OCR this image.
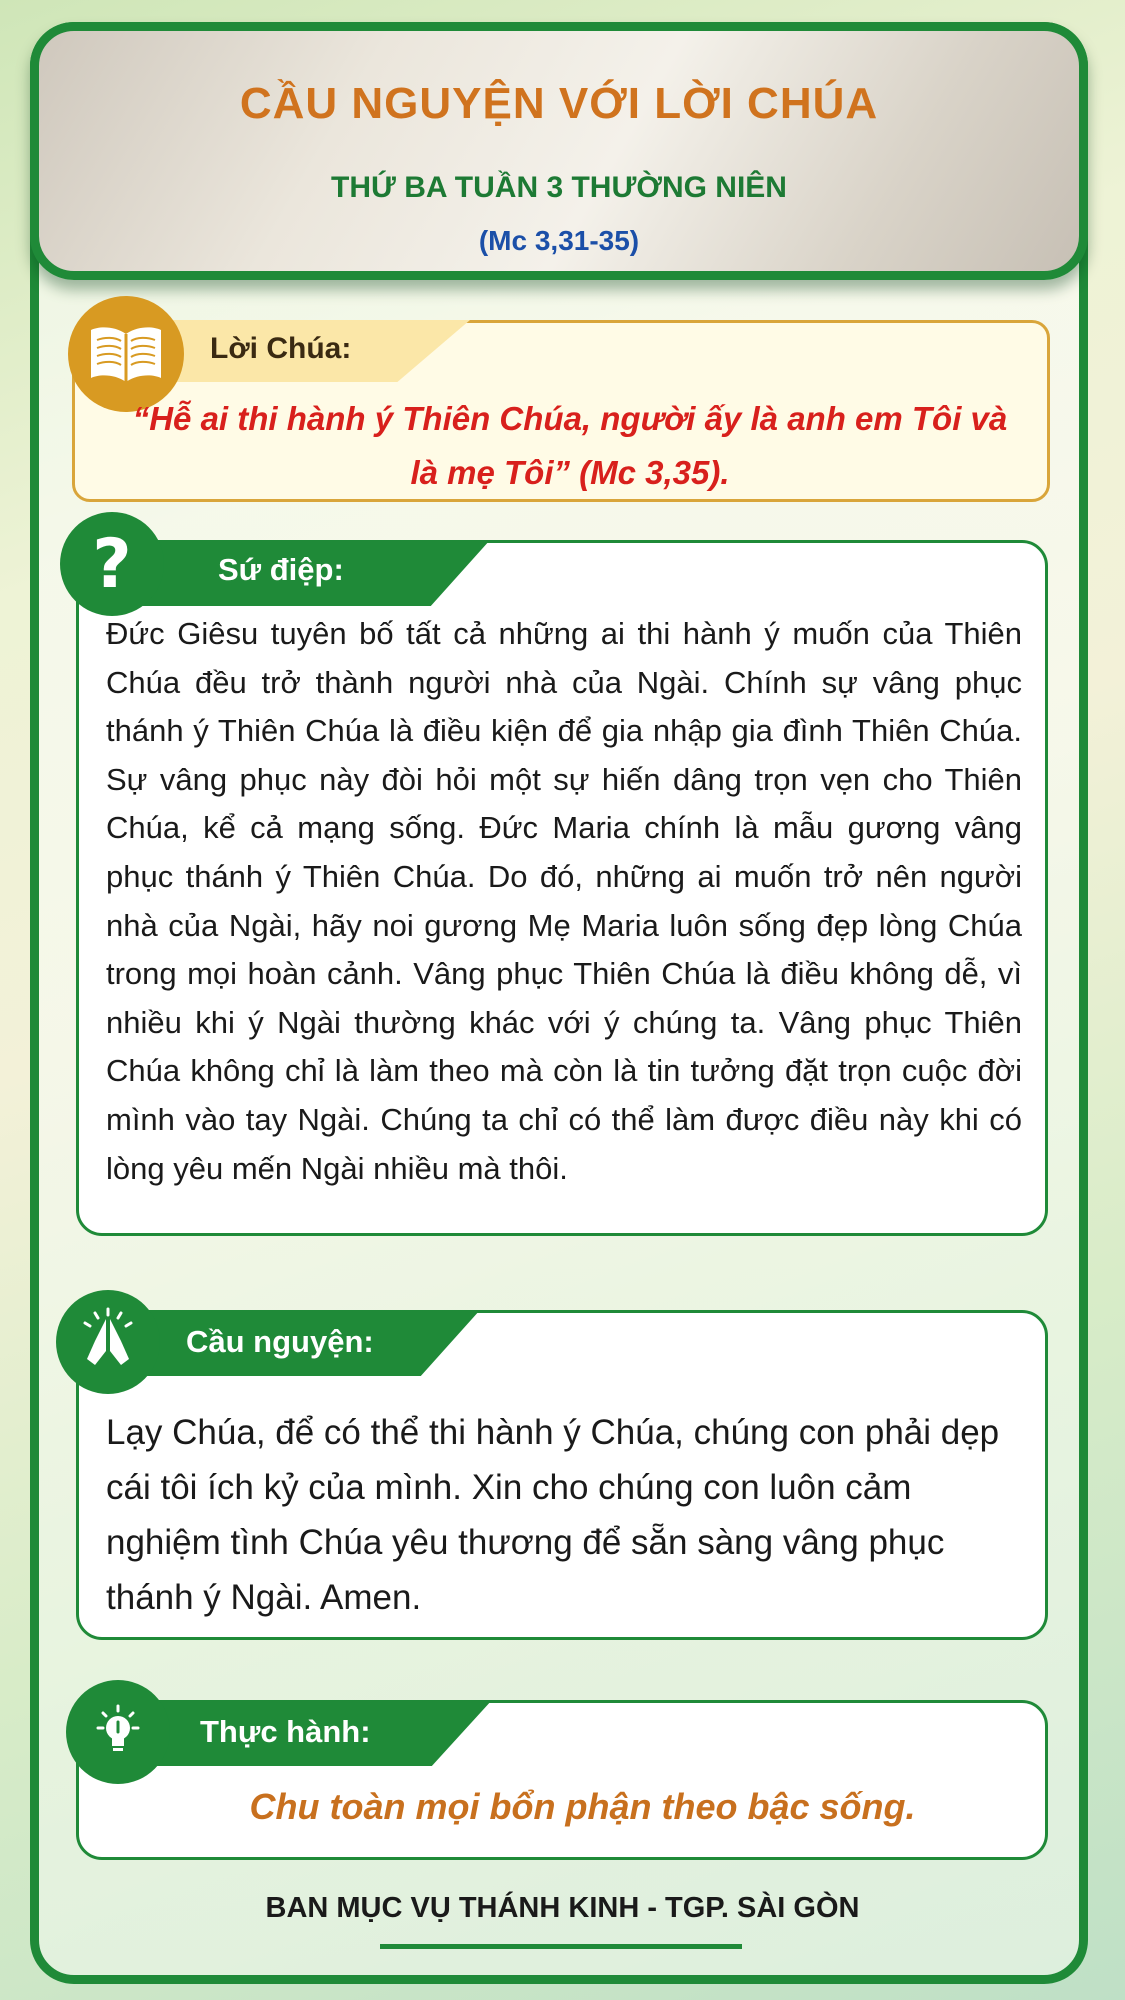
CẦU NGUYỆN VỚI LỜI CHÚA
THỨ BA TUẦN 3 THƯỜNG NIÊN
(Mc 3,31-35)
Lời Chúa:
“Hễ ai thi hành ý Thiên Chúa, người ấy là anh em Tôi và là mẹ Tôi” (Mc 3,35).
Sứ điệp:
?
Đức Giêsu tuyên bố tất cả những ai thi hành ý muốn của Thiên Chúa đều trở thành người nhà của Ngài. Chính sự vâng phục thánh ý Thiên Chúa là điều kiện để gia nhập gia đình Thiên Chúa. Sự vâng phục này đòi hỏi một sự hiến dâng trọn vẹn cho Thiên Chúa, kể cả mạng sống. Đức Maria chính là mẫu gương vâng phục thánh ý Thiên Chúa. Do đó, những ai muốn trở nên người nhà của Ngài, hãy noi gương Mẹ Maria luôn sống đẹp lòng Chúa trong mọi hoàn cảnh. Vâng phục Thiên Chúa là điều không dễ, vì nhiều khi ý Ngài thường khác với ý chúng ta. Vâng phục Thiên Chúa không chỉ là làm theo mà còn là tin tưởng đặt trọn cuộc đời mình vào tay Ngài. Chúng ta chỉ có thể làm được điều này khi có lòng yêu mến Ngài nhiều mà thôi.
Cầu nguyện:
Lạy Chúa, để có thể thi hành ý Chúa, chúng con phải dẹp cái tôi ích kỷ của mình. Xin cho chúng con luôn cảm nghiệm tình Chúa yêu thương để sẵn sàng vâng phục thánh ý Ngài. Amen.
Thực hành:
Chu toàn mọi bổn phận theo bậc sống.
BAN MỤC VỤ THÁNH KINH - TGP. SÀI GÒN
